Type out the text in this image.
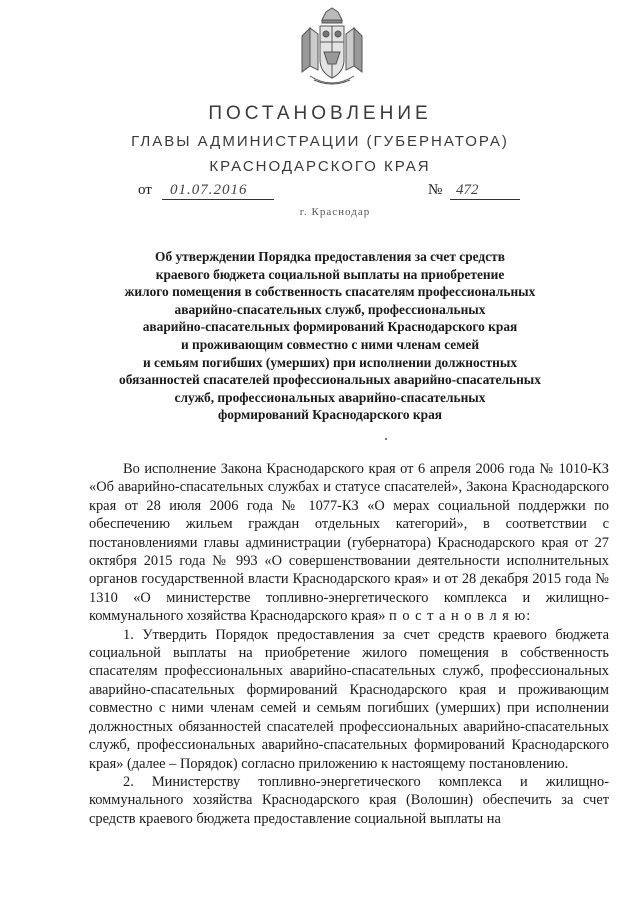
ПОСТАНОВЛЕНИЕ
ГЛАВЫ АДМИНИСТРАЦИИ (ГУБЕРНАТОРА)
КРАСНОДАРСКОГО КРАЯ
от	01.07.2016	№ 472
г. Краснодар
Об утверждении Порядка предоставления за счет средств
краевого бюджета социальной выплаты на приобретение
жилого помещения в собственность спасателям профессиональных
аварийно-спасательных служб, профессиональных
аварийно-спасательных формирований Краснодарского края
и проживающим совместно с ними членам семей
и семьям погибших (умерших) при исполнении должностных
обязанностей спасателей профессиональных аварийно-спасательных
служб, профессиональных аварийно-спасательных
формирований Краснодарского края

Во исполнение Закона Краснодарского края от 6 апреля 2006 года № 1010-КЗ «Об аварийно-спасательных службах и статусе спасателей», Закона Краснодарского края от 28 июля 2006 года № 1077-КЗ «О мерах социальной поддержки по обеспечению жильем граждан отдельных категорий», в соответствии с постановлениями главы администрации (губернатора) Краснодарского края от 27 октября 2015 года № 993 «О совершенствовании деятельности исполнительных органов государственной власти Краснодарского края» и от 28 декабря 2015 года № 1310 «О министерстве топливно-энергетического комплекса и жилищно-коммунального хозяйства Краснодарского края» п о с т а н о в л я ю:

1. Утвердить Порядок предоставления за счет средств краевого бюджета социальной выплаты на приобретение жилого помещения в собственность спасателям профессиональных аварийно-спасательных служб, профессиональных аварийно-спасательных формирований Краснодарского края и проживающим совместно с ними членам семей и семьям погибших (умерших) при исполнении должностных обязанностей спасателей профессиональных аварийно-спасательных служб, профессиональных аварийно-спасательных формирований Краснодарского края» (далее – Порядок) согласно приложению к настоящему постановлению.

2. Министерству топливно-энергетического комплекса и жилищно-коммунального хозяйства Краснодарского края (Волошин) обеспечить за счет средств краевого бюджета предоставление социальной выплаты на
